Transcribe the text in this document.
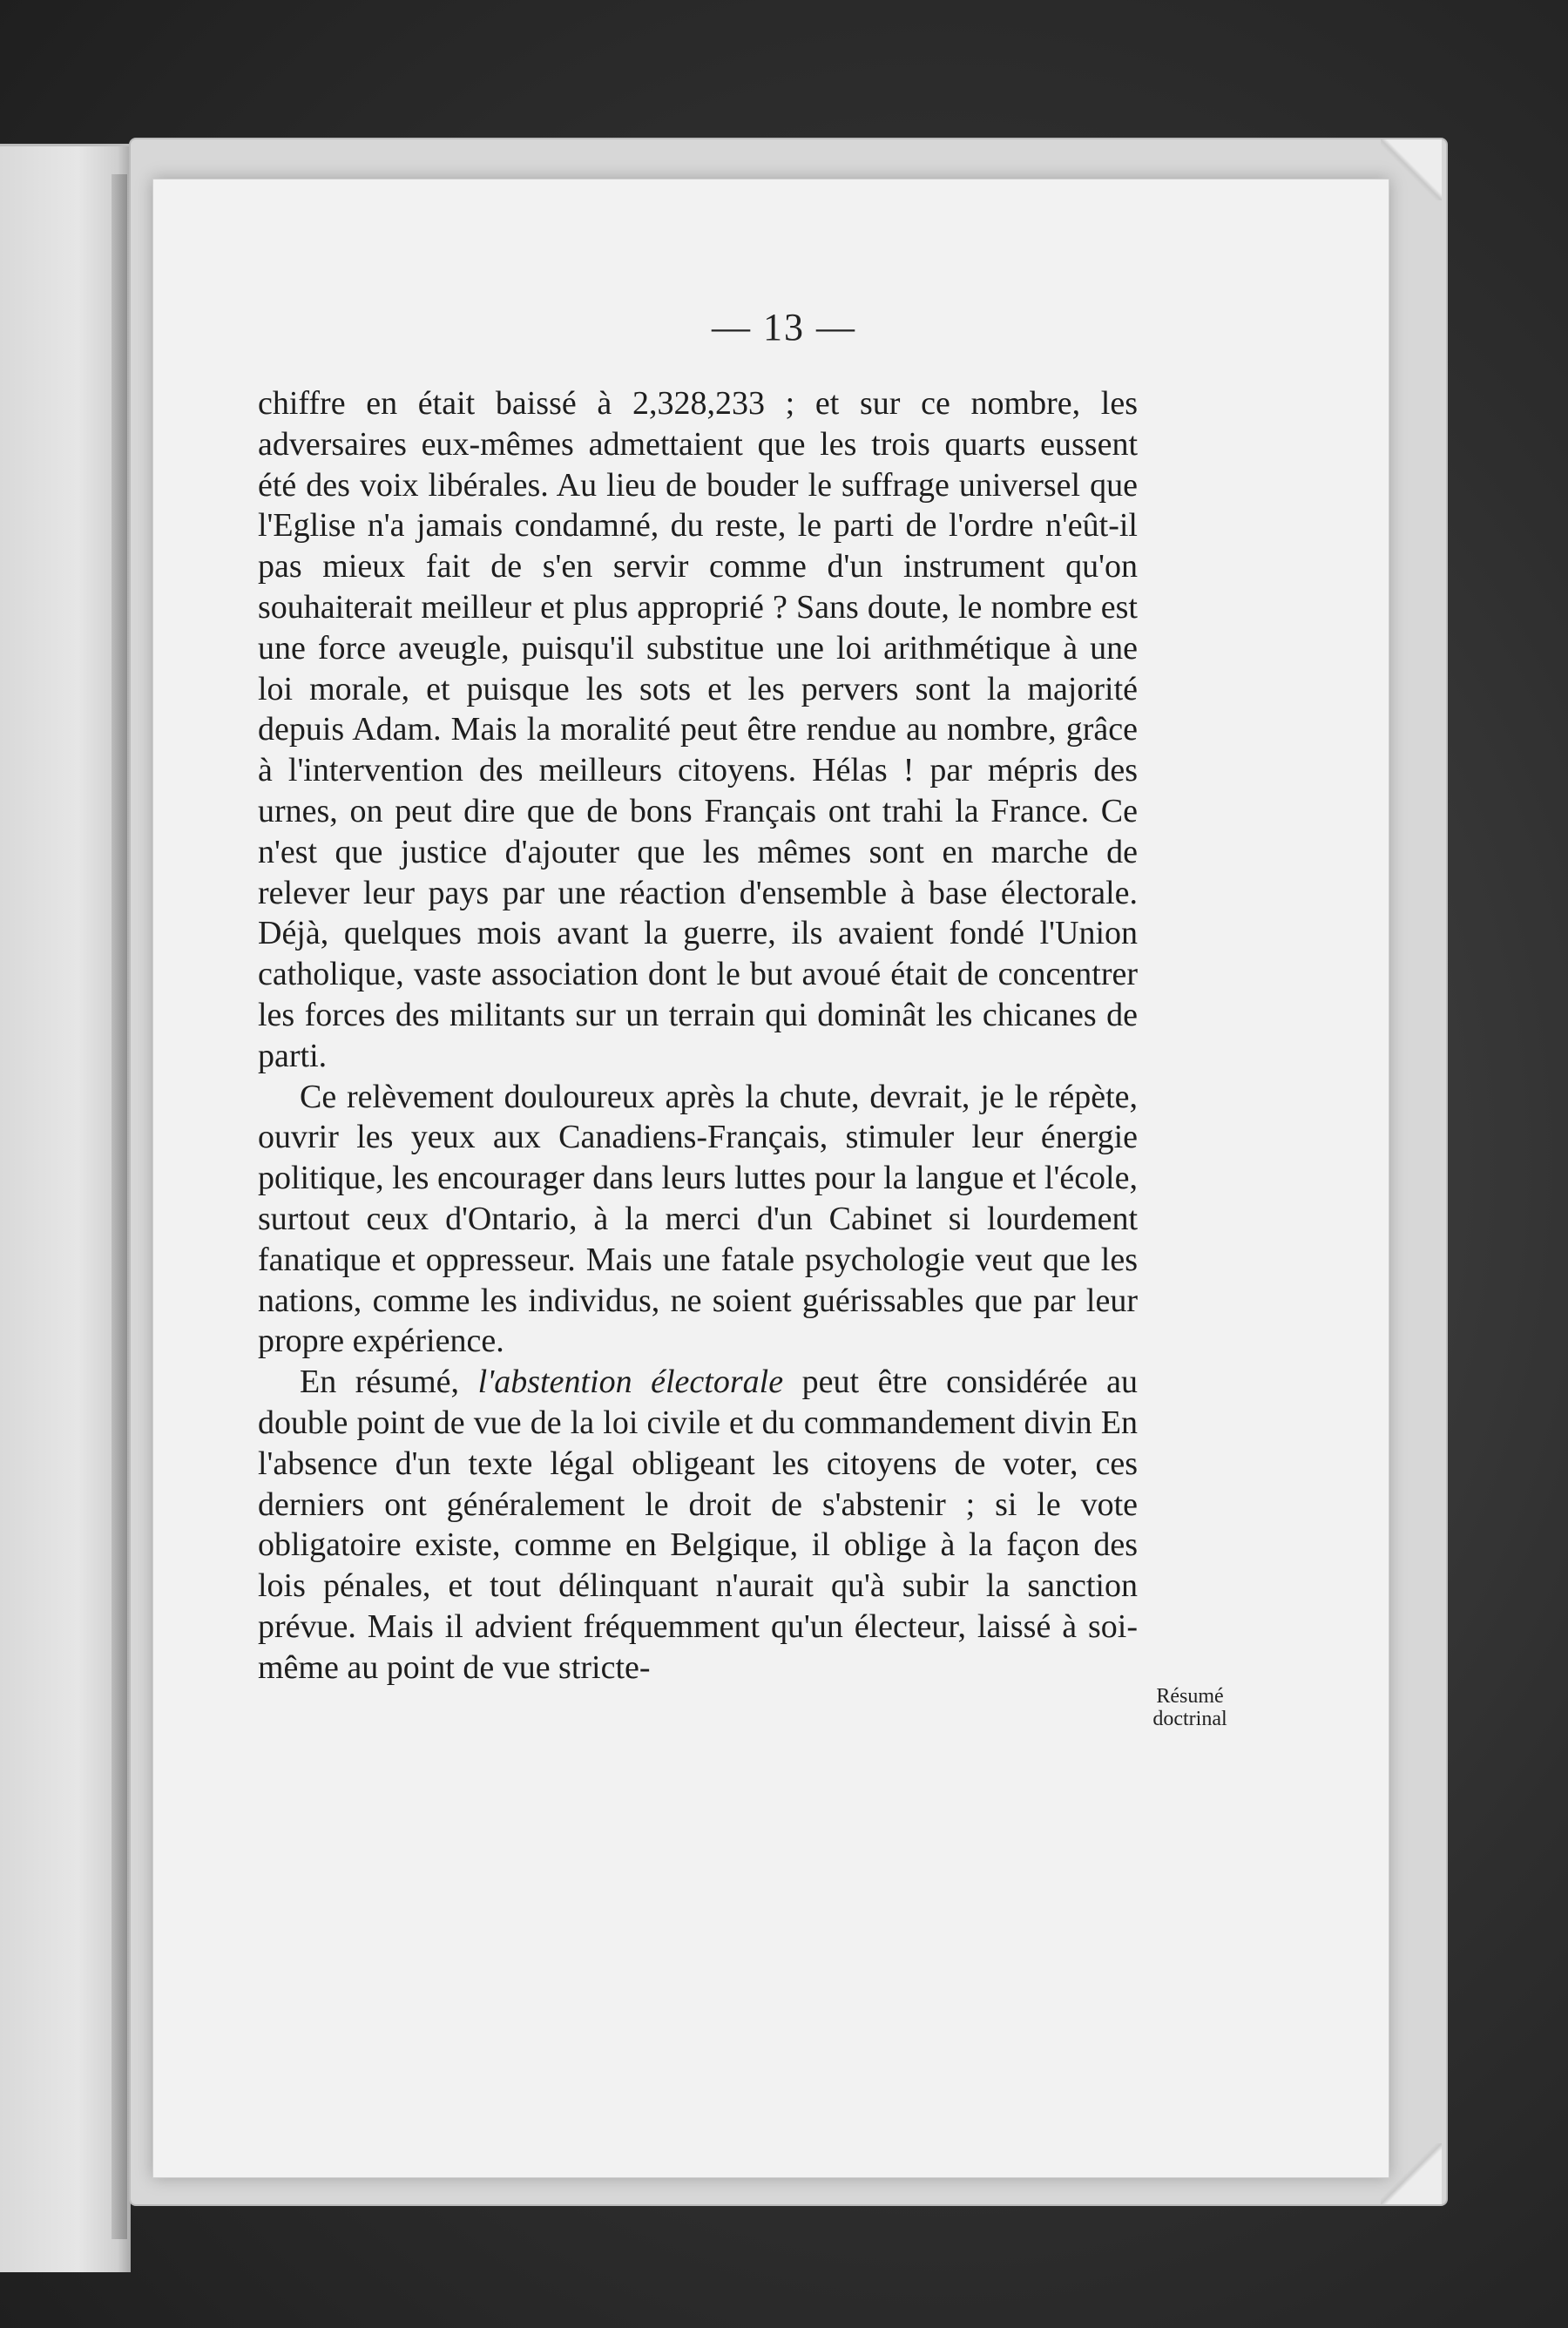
— 13 —

chiffre en était baissé à 2,328,233 ; et sur ce nombre, les adversaires eux-mêmes admettaient que les trois quarts eussent été des voix libérales. Au lieu de bouder le suffrage universel que l'Eglise n'a jamais condamné, du reste, le parti de l'ordre n'eût-il pas mieux fait de s'en servir comme d'un instrument qu'on souhaiterait meilleur et plus approprié ? Sans doute, le nombre est une force aveugle, puisqu'il substitue une loi arithmétique à une loi morale, et puisque les sots et les pervers sont la majorité depuis Adam. Mais la moralité peut être rendue au nombre, grâce à l'intervention des meilleurs citoyens. Hélas ! par mépris des urnes, on peut dire que de bons Français ont trahi la France. Ce n'est que justice d'ajouter que les mêmes sont en marche de relever leur pays par une réaction d'ensemble à base électorale. Déjà, quelques mois avant la guerre, ils avaient fondé l'Union catholique, vaste association dont le but avoué était de concentrer les forces des militants sur un terrain qui dominât les chicanes de parti.

Ce relèvement douloureux après la chute, devrait, je le répète, ouvrir les yeux aux Canadiens-Français, stimuler leur énergie politique, les encourager dans leurs luttes pour la langue et l'école, surtout ceux d'Ontario, à la merci d'un Cabinet si lourdement fanatique et oppresseur. Mais une fatale psychologie veut que les nations, comme les individus, ne soient guérissables que par leur propre expérience.

En résumé, l'abstention électorale peut être considérée au double point de vue de la loi civile et du commandement divin En l'absence d'un texte légal obligeant les citoyens de voter, ces derniers ont généralement le droit de s'abstenir ; si le vote obligatoire existe, comme en Belgique, il oblige à la façon des lois pénales, et tout délinquant n'aurait qu'à subir la sanction prévue. Mais il advient fréquemment qu'un électeur, laissé à soi-même au point de vue stricte-

Résumé
doctrinal
